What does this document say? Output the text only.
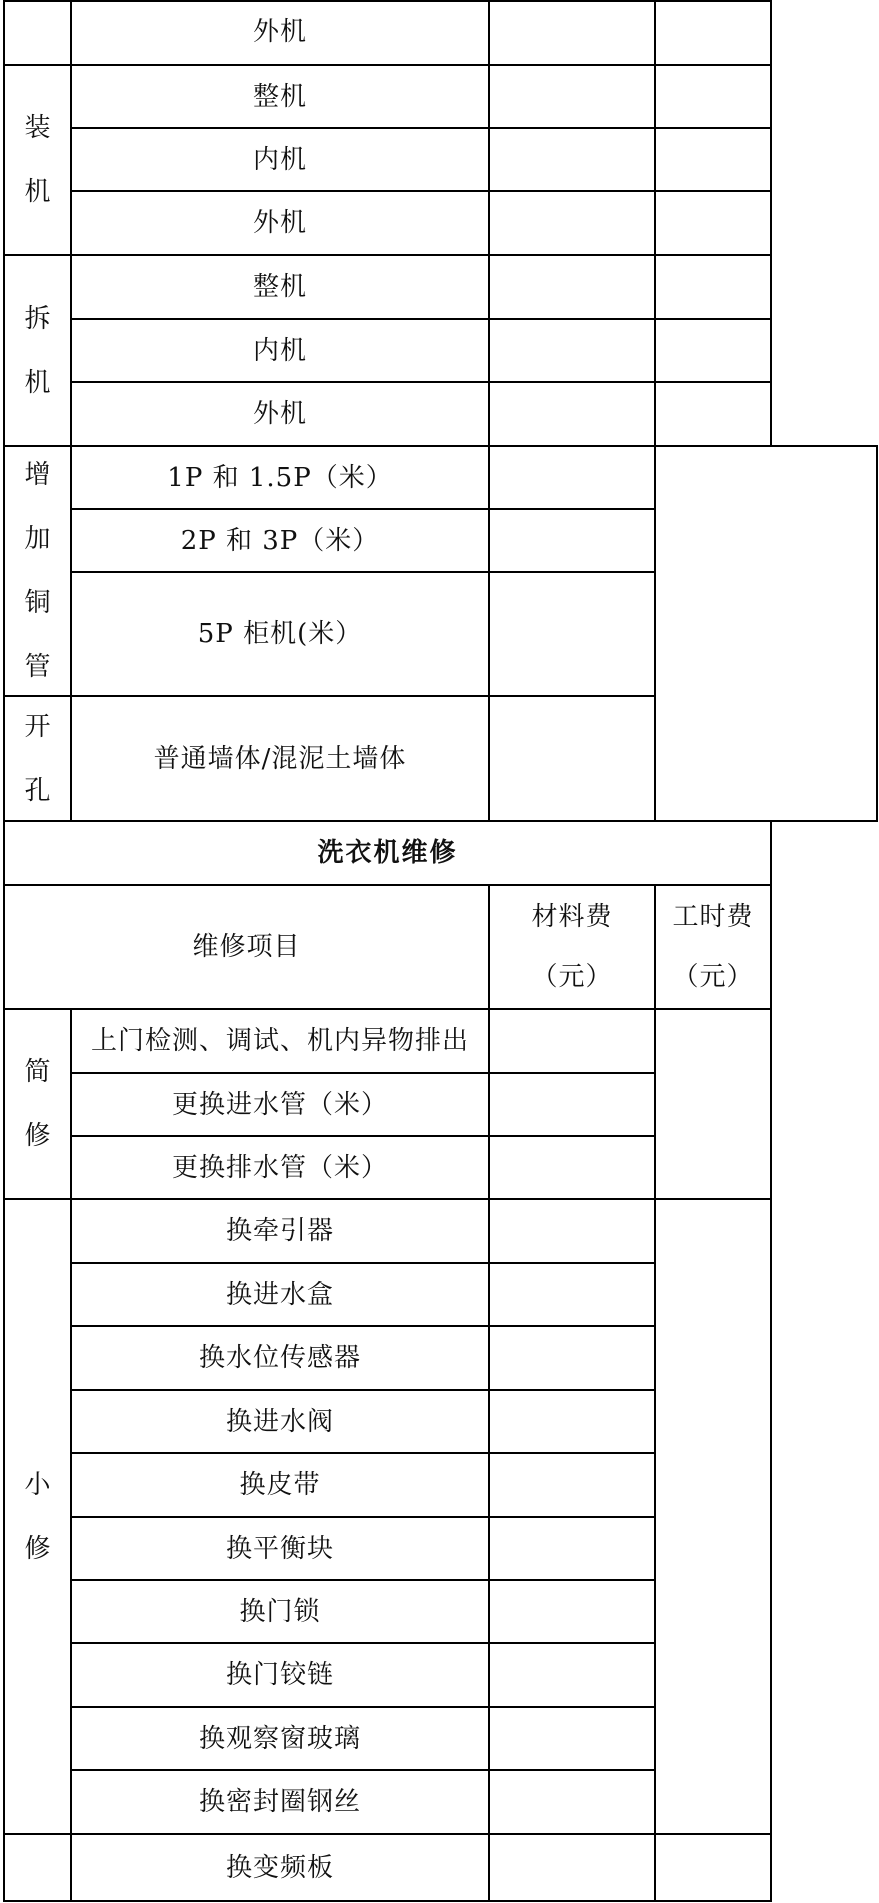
外机
装
机
整机
内机
外机
拆
机
整机
内机
外机
增
加
铜
管
1P 和 1.5P（米）
2P 和 3P（米）
5P 柜机(米）
开
孔
普通墙体/混泥土墙体
洗衣机维修
维修项目
材料费
（元）
工时费
（元）
简
修
上门检测、调试、机内异物排出
更换进水管（米）
更换排水管（米）
小
修
换牵引器
换进水盒
换水位传感器
换进水阀
换皮带
换平衡块
换门锁
换门铰链
换观察窗玻璃
换密封圈钢丝
换变频板
